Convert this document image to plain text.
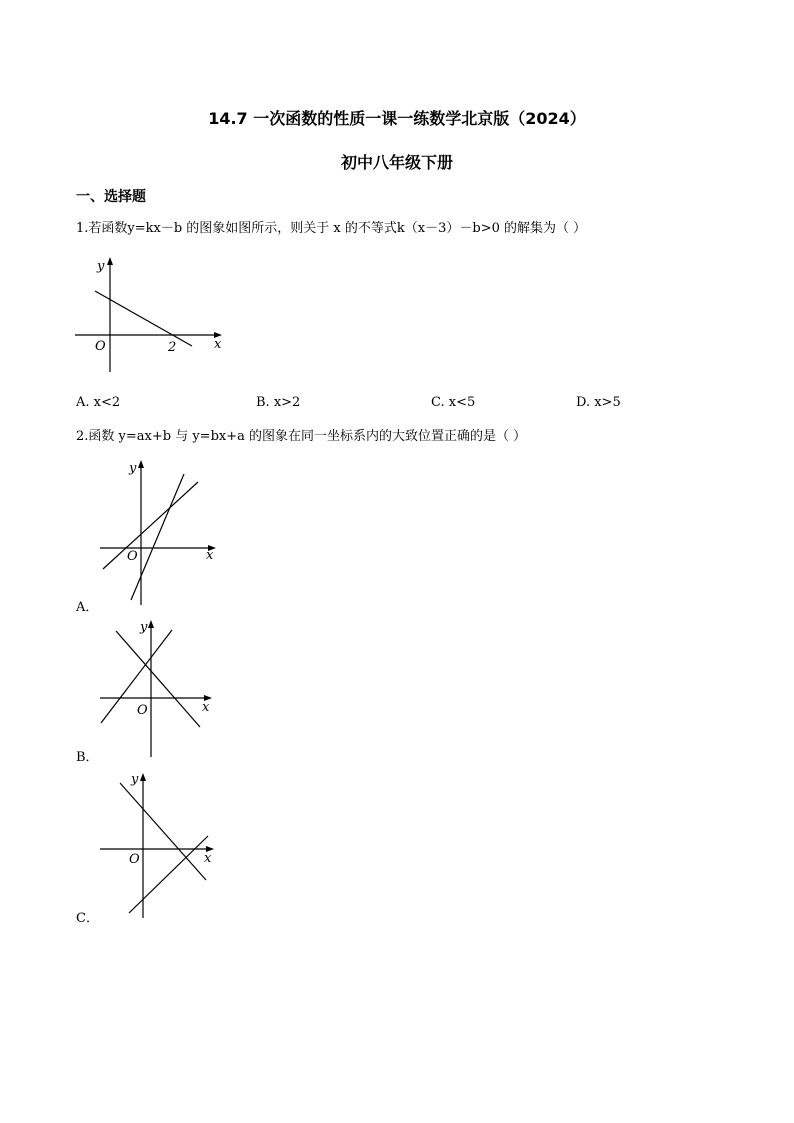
14.7 一次函数的性质一课一练数学北京版（2024）
初中八年级下册
一、选择题
1.若函数y=kx－b 的图象如图所示，则关于 x 的不等式k（x－3）－b>0 的解集为（ ）
y
x
O	2
A. x<2	B. x>2	C. x<5	D. x>5
2.函数 y=ax+b 与 y=bx+a 的图象在同一坐标系内的大致位置正确的是（ ）
y
x
O
A．
y
x
O
B．
y
x
O
C．
